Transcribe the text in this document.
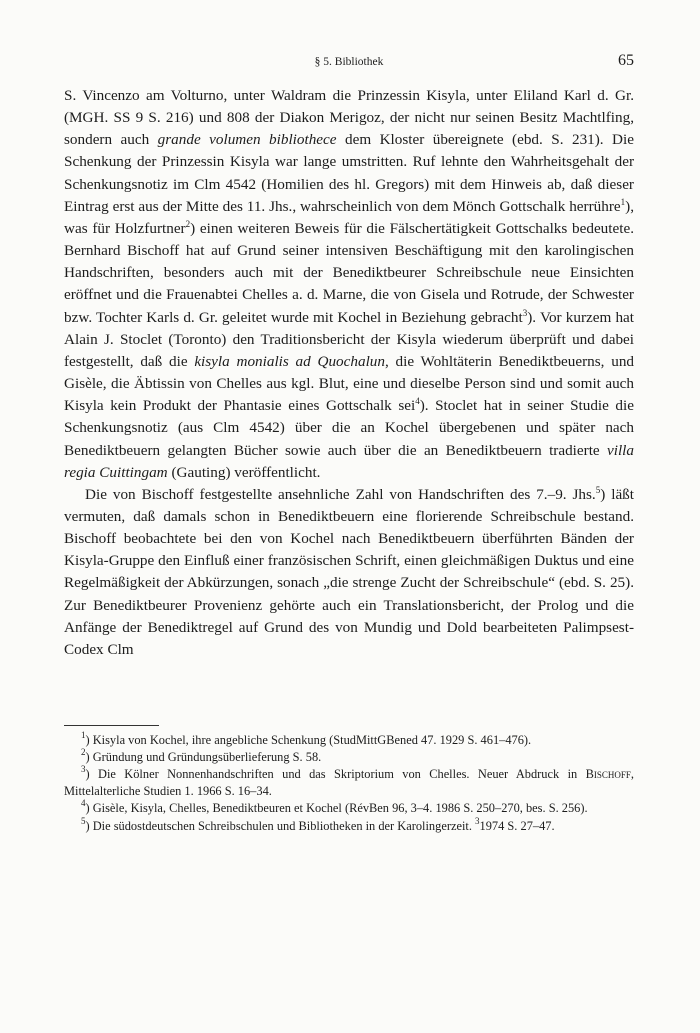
§ 5. Bibliothek	65

S. Vincenzo am Volturno, unter Waldram die Prinzessin Kisyla, unter Eliland Karl d. Gr. (MGH. SS 9 S. 216) und 808 der Diakon Merigoz, der nicht nur seinen Besitz Machtlfing, sondern auch grande volumen bibliothece dem Kloster übereignete (ebd. S. 231). Die Schenkung der Prinzessin Kisyla war lange umstritten. Ruf lehnte den Wahrheitsgehalt der Schenkungsnotiz im Clm 4542 (Homilien des hl. Gregors) mit dem Hinweis ab, daß dieser Eintrag erst aus der Mitte des 11. Jhs., wahrscheinlich von dem Mönch Gottschalk herrühre$^1$), was für Holzfurtner$^2$) einen weiteren Beweis für die Fälschertätigkeit Gottschalks bedeutete. Bernhard Bischoff hat auf Grund seiner intensiven Beschäftigung mit den karolingischen Handschriften, besonders auch mit der Benediktbeurer Schreibschule neue Einsichten eröffnet und die Frauenabtei Chelles a. d. Marne, die von Gisela und Rotrude, der Schwester bzw. Tochter Karls d. Gr. geleitet wurde mit Kochel in Beziehung gebracht$^3$). Vor kurzem hat Alain J. Stoclet (Toronto) den Traditionsbericht der Kisyla wiederum überprüft und dabei festgestellt, daß die kisyla monialis ad Quochalun, die Wohltäterin Benediktbeuerns, und Gisèle, die Äbtissin von Chelles aus kgl. Blut, eine und dieselbe Person sind und somit auch Kisyla kein Produkt der Phantasie eines Gottschalk sei$^4$). Stoclet hat in seiner Studie die Schenkungsnotiz (aus Clm 4542) über die an Kochel übergebenen und später nach Benediktbeuern gelangten Bücher sowie auch über die an Benediktbeuern tradierte villa regia Cuittingam (Gauting) veröffentlicht.

Die von Bischoff festgestellte ansehnliche Zahl von Handschriften des 7.–9. Jhs.$^5$) läßt vermuten, daß damals schon in Benediktbeuern eine florierende Schreibschule bestand. Bischoff beobachtete bei den von Kochel nach Benediktbeuern überführten Bänden der Kisyla-Gruppe den Einfluß einer französischen Schrift, einen gleichmäßigen Duktus und eine Regelmäßigkeit der Abkürzungen, sonach „die strenge Zucht der Schreibschule“ (ebd. S. 25). Zur Benediktbeurer Provenienz gehörte auch ein Translationsbericht, der Prolog und die Anfänge der Benediktregel auf Grund des von Mundig und Dold bearbeiteten Palimpsest-Codex Clm

$^1$) Kisyla von Kochel, ihre angebliche Schenkung (StudMittGBened 47. 1929 S. 461–476).

$^2$) Gründung und Gründungsüberlieferung S. 58.

$^3$) Die Kölner Nonnenhandschriften und das Skriptorium von Chelles. Neuer Abdruck in Bischoff, Mittelalterliche Studien 1. 1966 S. 16–34.

$^4$) Gisèle, Kisyla, Chelles, Benediktbeuren et Kochel (RévBen 96, 3–4. 1986 S. 250–270, bes. S. 256).

$^5$) Die südostdeutschen Schreibschulen und Bibliotheken in der Karolingerzeit. $^3$1974 S. 27–47.
